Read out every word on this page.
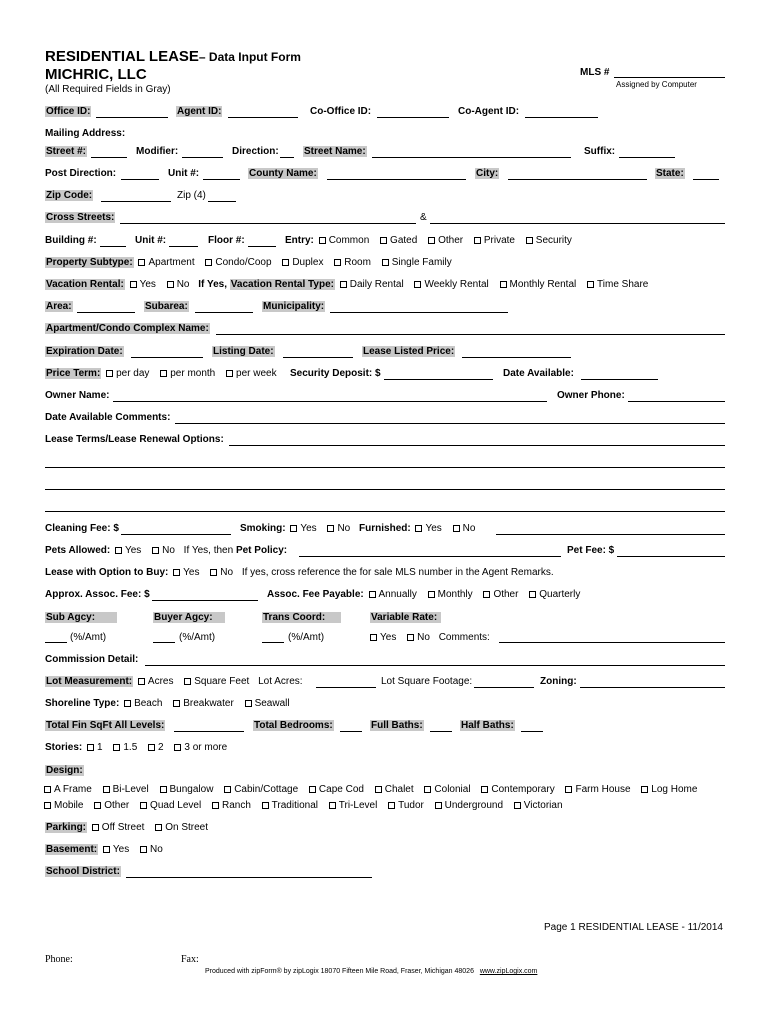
RESIDENTIAL LEASE– Data Input Form
MICHRIC, LLC
(All Required Fields in Gray)
MLS #
Assigned by Computer
Office ID:	Agent ID:	Co-Office ID:	Co-Agent ID:
Mailing Address:
Street #:	Modifier:	Direction:	Street Name:	Suffix:
Post Direction:	Unit #:	County Name:	City:	State:
Zip Code:	Zip (4)
Cross Streets:	&
Building #:	Unit #:	Floor #:	Entry: Common Gated Other Private Security
Property Subtype: Apartment Condo/Coop Duplex Room Single Family
Vacation Rental: Yes No If Yes, Vacation Rental Type: Daily Rental Weekly Rental Monthly Rental Time Share
Area:	Subarea:	Municipality:
Apartment/Condo Complex Name:
Expiration Date:	Listing Date:	Lease Listed Price:
Price Term: per day per month per week	Security Deposit: $	Date Available:
Owner Name:	Owner Phone:
Date Available Comments:
Lease Terms/Lease Renewal Options:
Cleaning Fee: $	Smoking: Yes No Furnished: Yes No
Pets Allowed: Yes No If Yes, then Pet Policy:	Pet Fee: $
Lease with Option to Buy: Yes No If yes, cross reference the for sale MLS number in the Agent Remarks.
Approx. Assoc. Fee: $	Assoc. Fee Payable: Annually Monthly Other Quarterly
Sub Agcy:	Buyer Agcy:	Trans Coord:	Variable Rate:
(%/Amt)	(%/Amt)	(%/Amt)	Yes No Comments:
Commission Detail:
Lot Measurement: Acres Square Feet Lot Acres:	Lot Square Footage:	Zoning:
Shoreline Type: Beach Breakwater Seawall
Total Fin SqFt All Levels:	Total Bedrooms:	Full Baths:	Half Baths:
Stories: 1 1.5 2 3 or more
Design:
A Frame Bi-Level Bungalow Cabin/Cottage Cape Cod Chalet Colonial Contemporary Farm House Log Home
Mobile Other Quad Level Ranch Traditional Tri-Level Tudor Underground Victorian
Parking: Off Street On Street
Basement: Yes No
School District:
Page 1 RESIDENTIAL LEASE - 11/2014
Phone:	Fax:
Produced with zipForm® by zipLogix 18070 Fifteen Mile Road, Fraser, Michigan 48026 www.zipLogix.com
